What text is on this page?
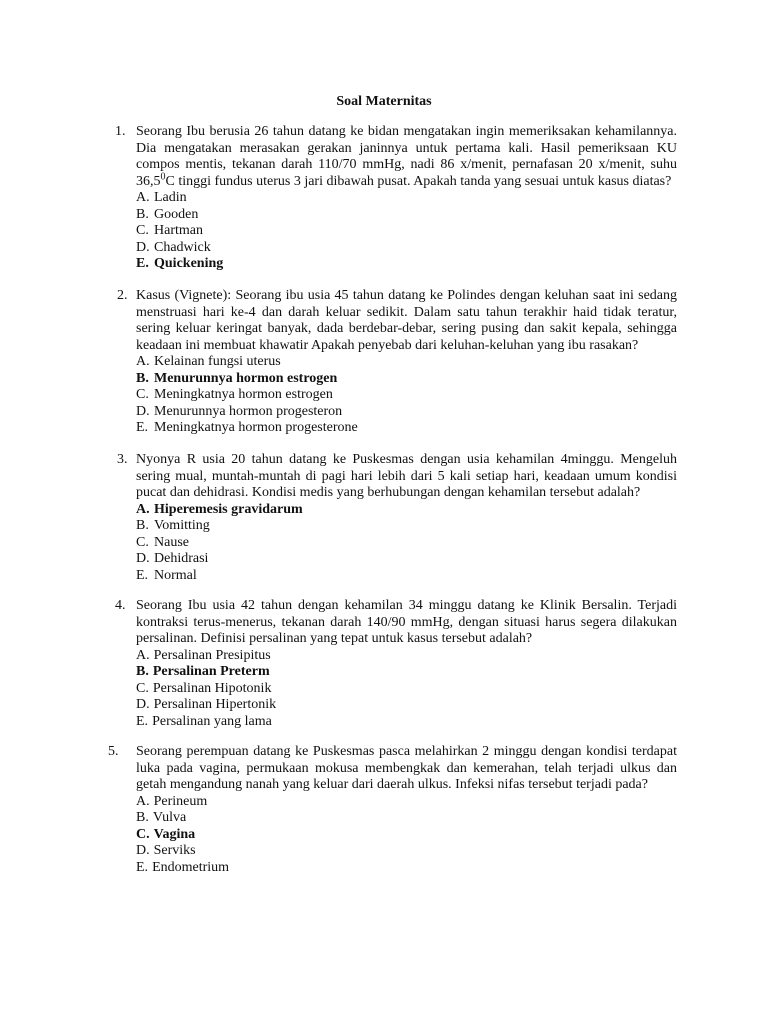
Soal Maternitas
1. Seorang Ibu berusia 26 tahun datang ke bidan mengatakan ingin memeriksakan kehamilannya. Dia mengatakan merasakan gerakan janinnya untuk pertama kali. Hasil pemeriksaan KU compos mentis, tekanan darah 110/70 mmHg, nadi 86 x/menit, pernafasan 20 x/menit, suhu 36,5$^0$C tinggi fundus uterus 3 jari dibawah pusat. Apakah tanda yang sesuai untuk kasus diatas?
A. Ladin
B. Gooden
C. Hartman
D. Chadwick
E. Quickening
2. Kasus (Vignete): Seorang ibu usia 45 tahun datang ke Polindes dengan keluhan saat ini sedang menstruasi hari ke-4 dan darah keluar sedikit. Dalam satu tahun terakhir haid tidak teratur, sering keluar keringat banyak, dada berdebar-debar, sering pusing dan sakit kepala, sehingga keadaan ini membuat khawatir Apakah penyebab dari keluhan-keluhan yang ibu rasakan?
A. Kelainan fungsi uterus
B. Menurunnya hormon estrogen
C. Meningkatnya hormon estrogen
D. Menurunnya hormon progesteron
E. Meningkatnya hormon progesterone
3. Nyonya R usia 20 tahun datang ke Puskesmas dengan usia kehamilan 4minggu. Mengeluh sering mual, muntah-muntah di pagi hari lebih dari 5 kali setiap hari, keadaan umum kondisi pucat dan dehidrasi. Kondisi medis yang berhubungan dengan kehamilan tersebut adalah?
A. Hiperemesis gravidarum
B. Vomitting
C. Nause
D. Dehidrasi
E. Normal
4. Seorang Ibu usia 42 tahun dengan kehamilan 34 minggu datang ke Klinik Bersalin. Terjadi kontraksi terus-menerus, tekanan darah 140/90 mmHg, dengan situasi harus segera dilakukan persalinan. Definisi persalinan yang tepat untuk kasus tersebut adalah?
A. Persalinan Presipitus
B. Persalinan Preterm
C. Persalinan Hipotonik
D. Persalinan Hipertonik
E. Persalinan yang lama
5. Seorang perempuan datang ke Puskesmas pasca melahirkan 2 minggu dengan kondisi terdapat luka pada vagina, permukaan mokusa membengkak dan kemerahan, telah terjadi ulkus dan getah mengandung nanah yang keluar dari daerah ulkus. Infeksi nifas tersebut terjadi pada?
A. Perineum
B. Vulva
C. Vagina
D. Serviks
E. Endometrium
